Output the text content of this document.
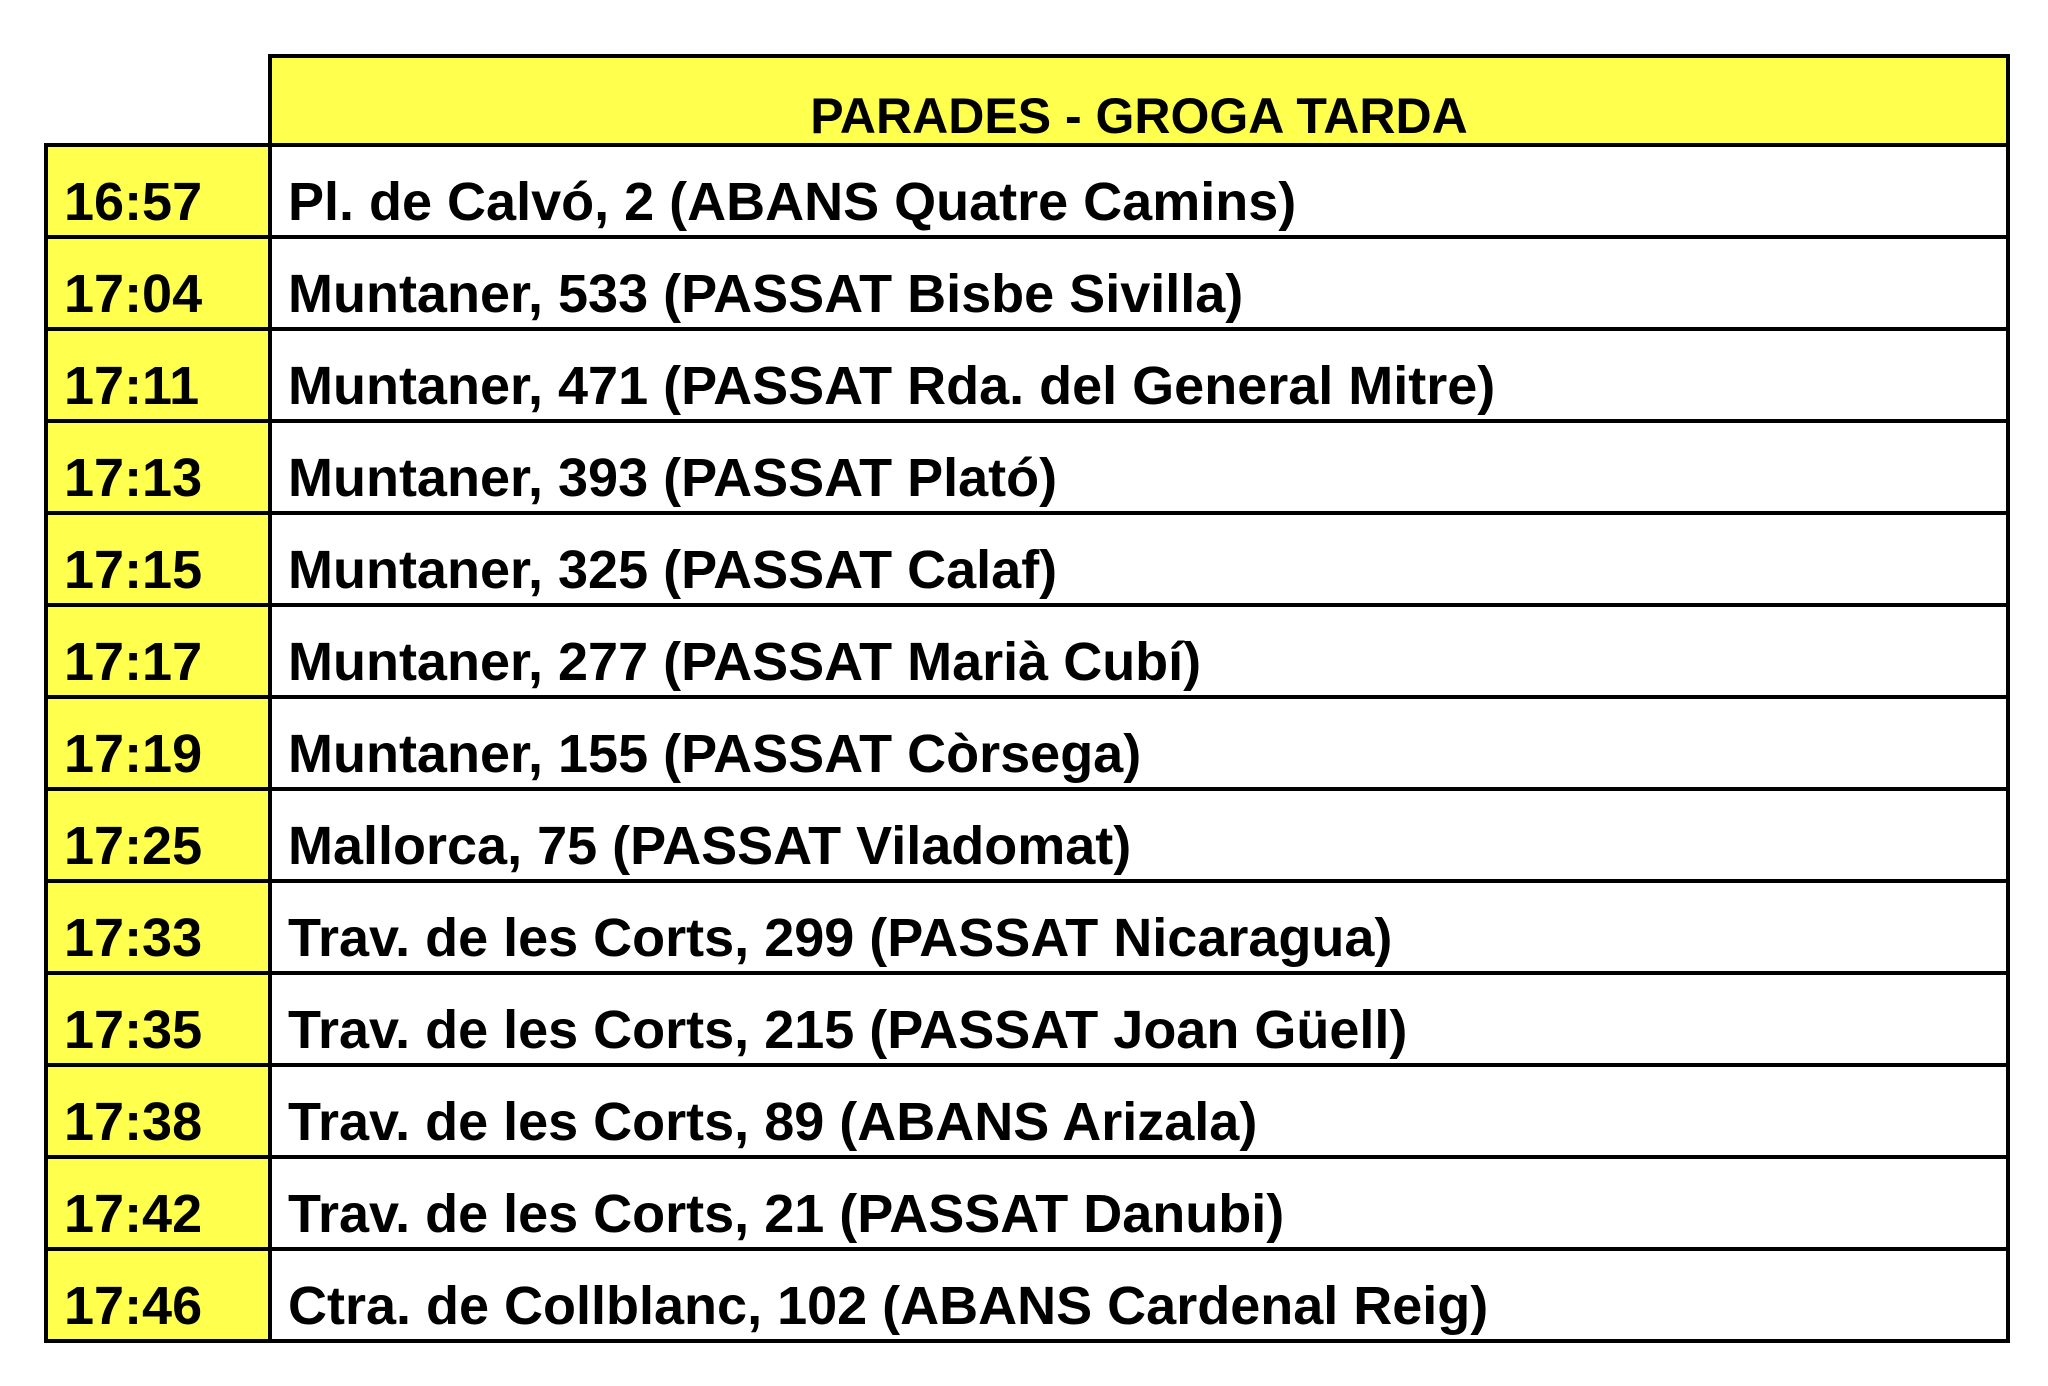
PARADES - GROGA TARDA
16:57	Pl. de Calvó, 2 (ABANS Quatre Camins)
17:04	Muntaner, 533 (PASSAT Bisbe Sivilla)
17:11	Muntaner, 471 (PASSAT Rda. del General Mitre)
17:13	Muntaner, 393 (PASSAT Plató)
17:15	Muntaner, 325 (PASSAT Calaf)
17:17	Muntaner, 277 (PASSAT Marià Cubí)
17:19	Muntaner, 155 (PASSAT Còrsega)
17:25	Mallorca, 75 (PASSAT Viladomat)
17:33	Trav. de les Corts, 299 (PASSAT Nicaragua)
17:35	Trav. de les Corts, 215 (PASSAT Joan Güell)
17:38	Trav. de les Corts, 89 (ABANS Arizala)
17:42	Trav. de les Corts, 21 (PASSAT Danubi)
17:46	Ctra. de Collblanc, 102 (ABANS Cardenal Reig)
